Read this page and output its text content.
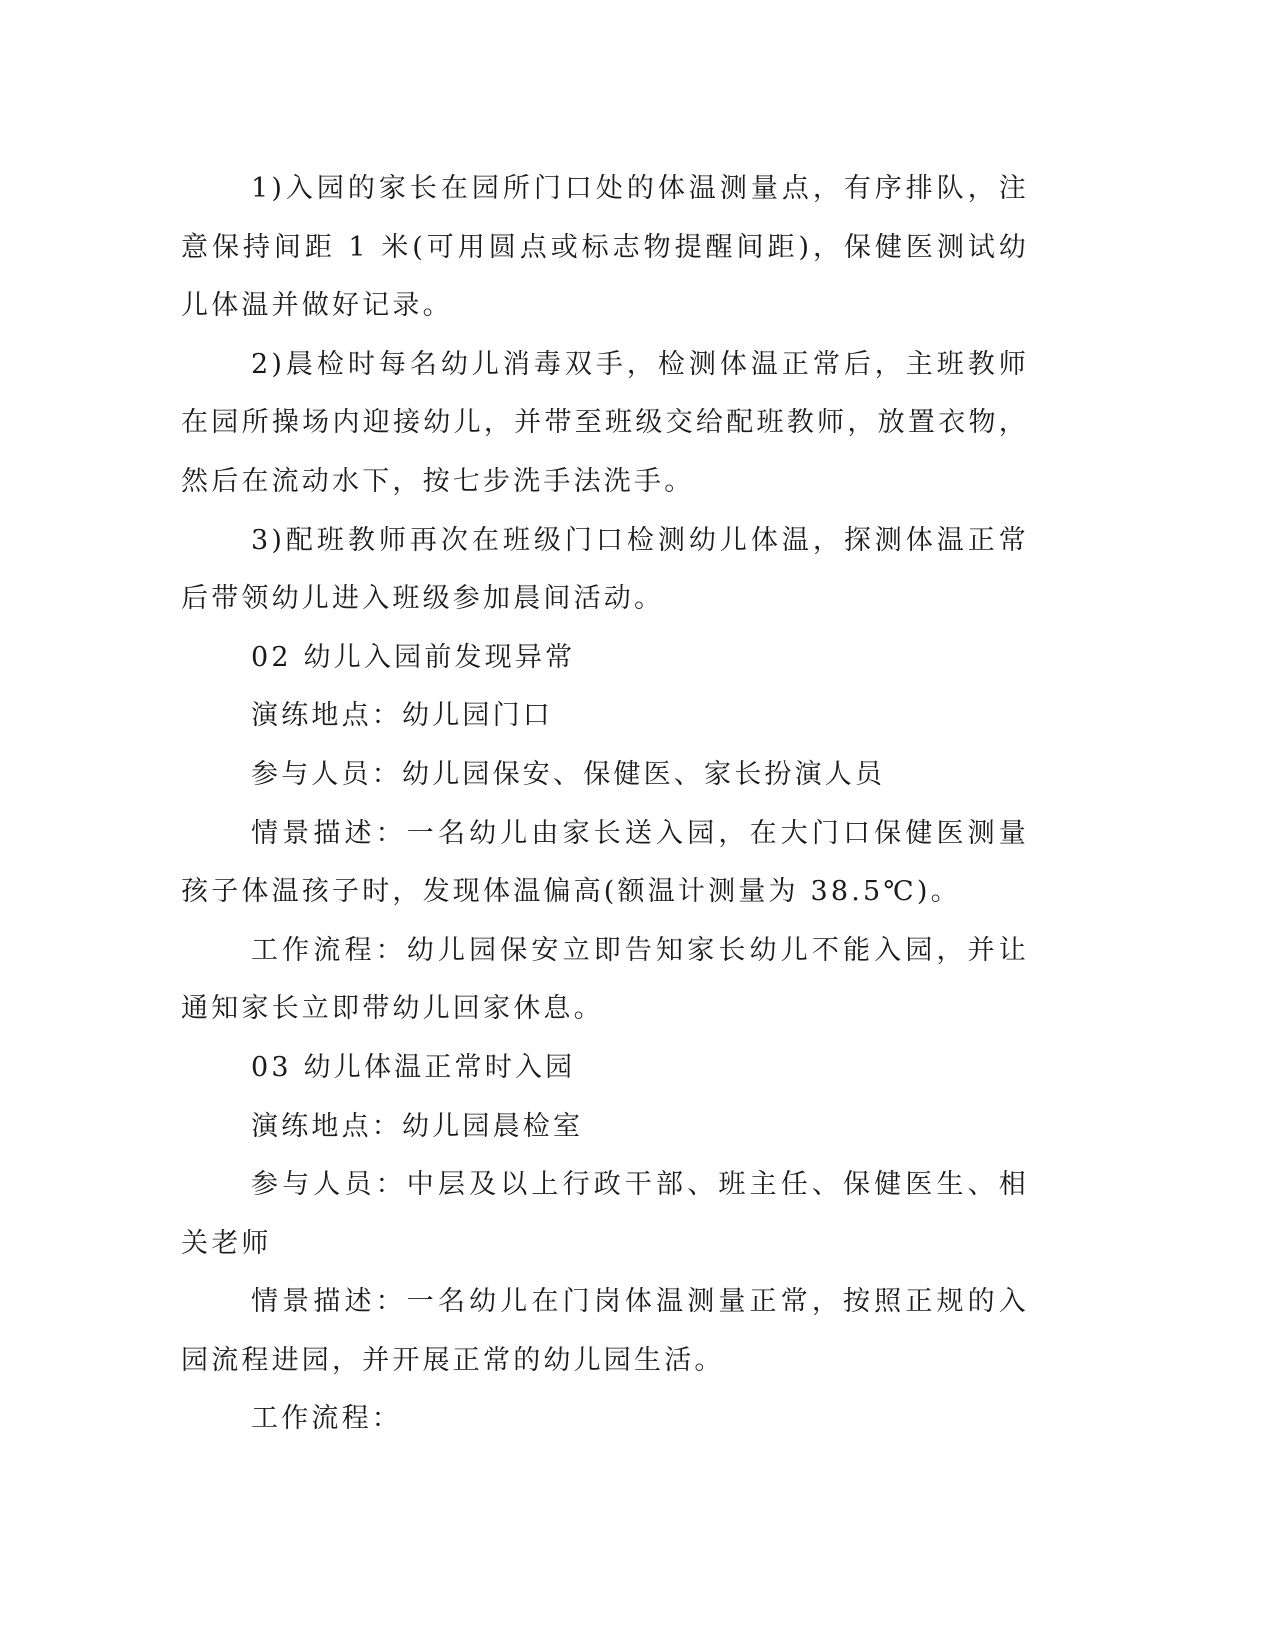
1)入园的家长在园所门口处的体温测量点，有序排队，注意保持间距 1 米(可用圆点或标志物提醒间距)，保健医测试幼儿体温并做好记录。

2)晨检时每名幼儿消毒双手，检测体温正常后，主班教师在园所操场内迎接幼儿，并带至班级交给配班教师，放置衣物，然后在流动水下，按七步洗手法洗手。

3)配班教师再次在班级门口检测幼儿体温，探测体温正常后带领幼儿进入班级参加晨间活动。

02 幼儿入园前发现异常

演练地点：幼儿园门口

参与人员：幼儿园保安、保健医、家长扮演人员

情景描述：一名幼儿由家长送入园，在大门口保健医测量孩子体温孩子时，发现体温偏高(额温计测量为 38.5℃)。

工作流程：幼儿园保安立即告知家长幼儿不能入园，并让通知家长立即带幼儿回家休息。

03 幼儿体温正常时入园

演练地点：幼儿园晨检室

参与人员：中层及以上行政干部、班主任、保健医生、相关老师

情景描述：一名幼儿在门岗体温测量正常，按照正规的入园流程进园，并开展正常的幼儿园生活。

工作流程：
